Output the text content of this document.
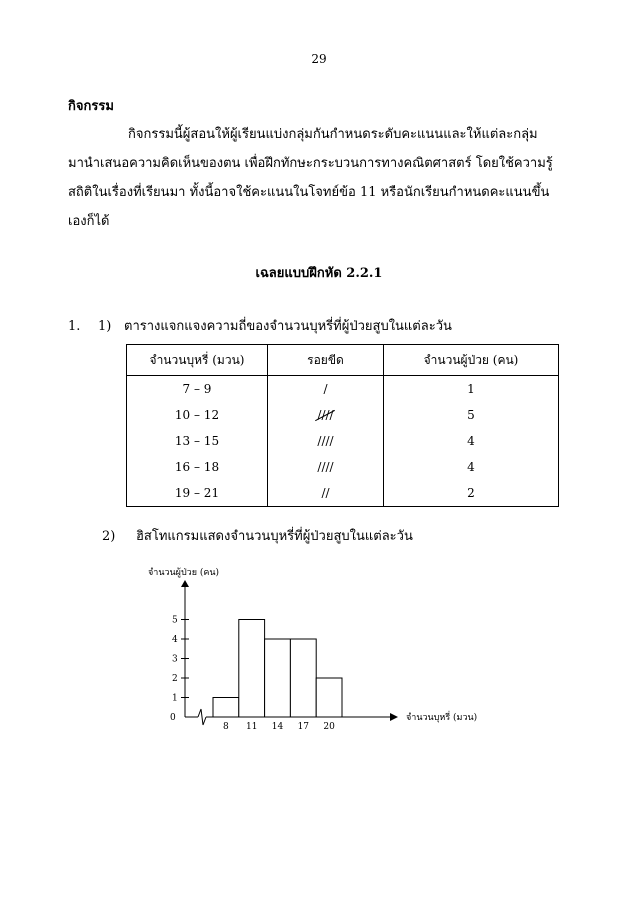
29
กิจกรรม
กิจกรรมนี้ผู้สอนให้ผู้เรียนแบ่งกลุ่มกันกำหนดระดับคะแนนและให้แต่ละกลุ่ม
มานำเสนอความคิดเห็นของตน เพื่อฝึกทักษะกระบวนการทางคณิตศาสตร์ โดยใช้ความรู้
สถิติในเรื่องที่เรียนมา ทั้งนี้อาจใช้คะแนนในโจทย์ข้อ 11 หรือนักเรียนกำหนดคะแนนขึ้น
เองก็ได้
เฉลยแบบฝึกหัด 2.2.1
1. 1) ตารางแจกแจงความถี่ของจำนวนบุหรี่ที่ผู้ป่วยสูบในแต่ละวัน
จำนวนบุหรี่ (มวน)	รอยขีด	จำนวนผู้ป่วย (คน)
7 – 9	/	1
10 – 12	////	5
13 – 15	////	4
16 – 18	////	4
19 – 21	//	2
2) ฮิสโทแกรมแสดงจำนวนบุหรี่ที่ผู้ป่วยสูบในแต่ละวัน
จำนวนผู้ป่วย (คน)
0	จำนวนบุหรี่ (มวน)
1
2
3
4
5
8 11 14 17 20
